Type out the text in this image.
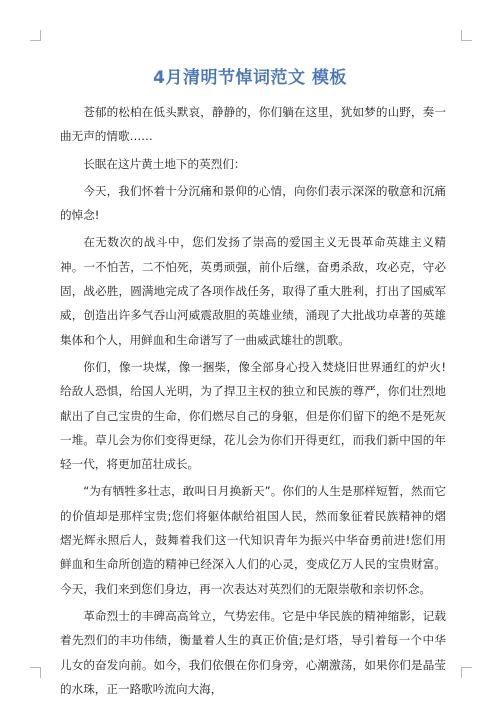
4月清明节悼词范文 模板

苍郁的松柏在低头默哀，静静的，你们躺在这里，犹如梦的山野，奏一曲无声的情歌……

长眠在这片黄土地下的英烈们：

今天，我们怀着十分沉痛和景仰的心情，向你们表示深深的敬意和沉痛的悼念!

在无数次的战斗中，您们发扬了崇高的爱国主义无畏革命英雄主义精神。一不怕苦，二不怕死，英勇顽强，前仆后继，奋勇杀敌，攻必克，守必固，战必胜，圆满地完成了各项作战任务，取得了重大胜利，打出了国威军威，创造出许多气吞山河威震敌胆的英雄业绩，涌现了大批战功卓著的英雄集体和个人，用鲜血和生命谱写了一曲威武雄壮的凯歌。

你们，像一块煤，像一捆柴，像全部身心投入焚烧旧世界通红的炉火!给敌人恐惧，给国人光明，为了捍卫主权的独立和民族的尊严，你们壮烈地献出了自己宝贵的生命，你们燃尽自己的身躯，但是你们留下的绝不是死灰一堆。草儿会为你们变得更绿，花儿会为你们开得更红，而我们新中国的年轻一代，将更加茁壮成长。

“为有牺牲多壮志，敢叫日月换新天”。你们的人生是那样短暂，然而它的价值却是那样宝贵;您们将躯体献给祖国人民，然而象征着民族精神的熠熠光辉永照后人，鼓舞着我们这一代知识青年为振兴中华奋勇前进!您们用鲜血和生命所创造的精神已经深入人们的心灵，变成亿万人民的宝贵财富。今天，我们来到您们身边，再一次表达对英烈们的无限崇敬和亲切怀念。

革命烈士的丰碑高高耸立，气势宏伟。它是中华民族的精神缩影，记载着先烈们的丰功伟绩，衡量着人生的真正价值;是灯塔，导引着每一个中华儿女的奋发向前。如今，我们依偎在你们身旁，心潮激荡，如果你们是晶莹的水珠，正一路歌吟流向大海，
